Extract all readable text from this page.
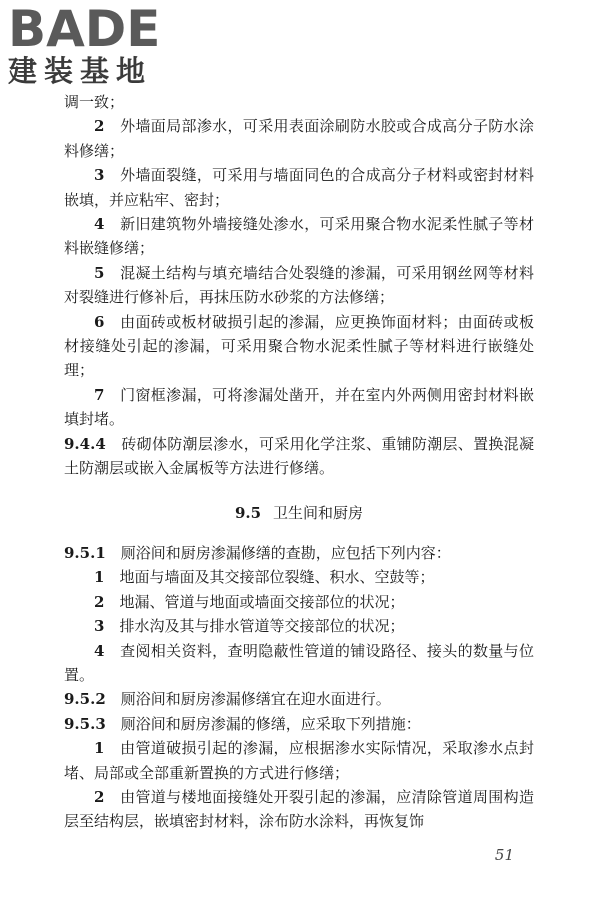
BADE
建装基地

调一致；

2　 外墙面局部渗水，可采用表面涂刷防水胶或合成高分子防水涂料修缮；

3　 外墙面裂缝，可采用与墙面同色的合成高分子材料或密封材料嵌填，并应粘牢、密封；

4　 新旧建筑物外墙接缝处渗水，可采用聚合物水泥柔性腻子等材料嵌缝修缮；

5　 混凝土结构与填充墙结合处裂缝的渗漏，可采用钢丝网等材料对裂缝进行修补后，再抹压防水砂浆的方法修缮；

6　 由面砖或板材破损引起的渗漏，应更换饰面材料；由面砖或板材接缝处引起的渗漏，可采用聚合物水泥柔性腻子等材料进行嵌缝处理；

7　 门窗框渗漏，可将渗漏处凿开，并在室内外两侧用密封材料嵌填封堵。

9.4.4　 砖砌体防潮层渗水，可采用化学注浆、重铺防潮层、置换混凝土防潮层或嵌入金属板等方法进行修缮。

9.5 卫生间和厨房

9.5.1　 厕浴间和厨房渗漏修缮的查勘，应包括下列内容：

1　 地面与墙面及其交接部位裂缝、积水、空鼓等；

2　 地漏、管道与地面或墙面交接部位的状况；

3　 排水沟及其与排水管道等交接部位的状况；

4　 查阅相关资料，查明隐蔽性管道的铺设路径、接头的数量与位置。

9.5.2　 厕浴间和厨房渗漏修缮宜在迎水面进行。

9.5.3　 厕浴间和厨房渗漏的修缮，应采取下列措施：

1　 由管道破损引起的渗漏，应根据渗水实际情况，采取渗水点封堵、局部或全部重新置换的方式进行修缮；

2　 由管道与楼地面接缝处开裂引起的渗漏，应清除管道周围构造层至结构层，嵌填密封材料，涂布防水涂料，再恢复饰

51
